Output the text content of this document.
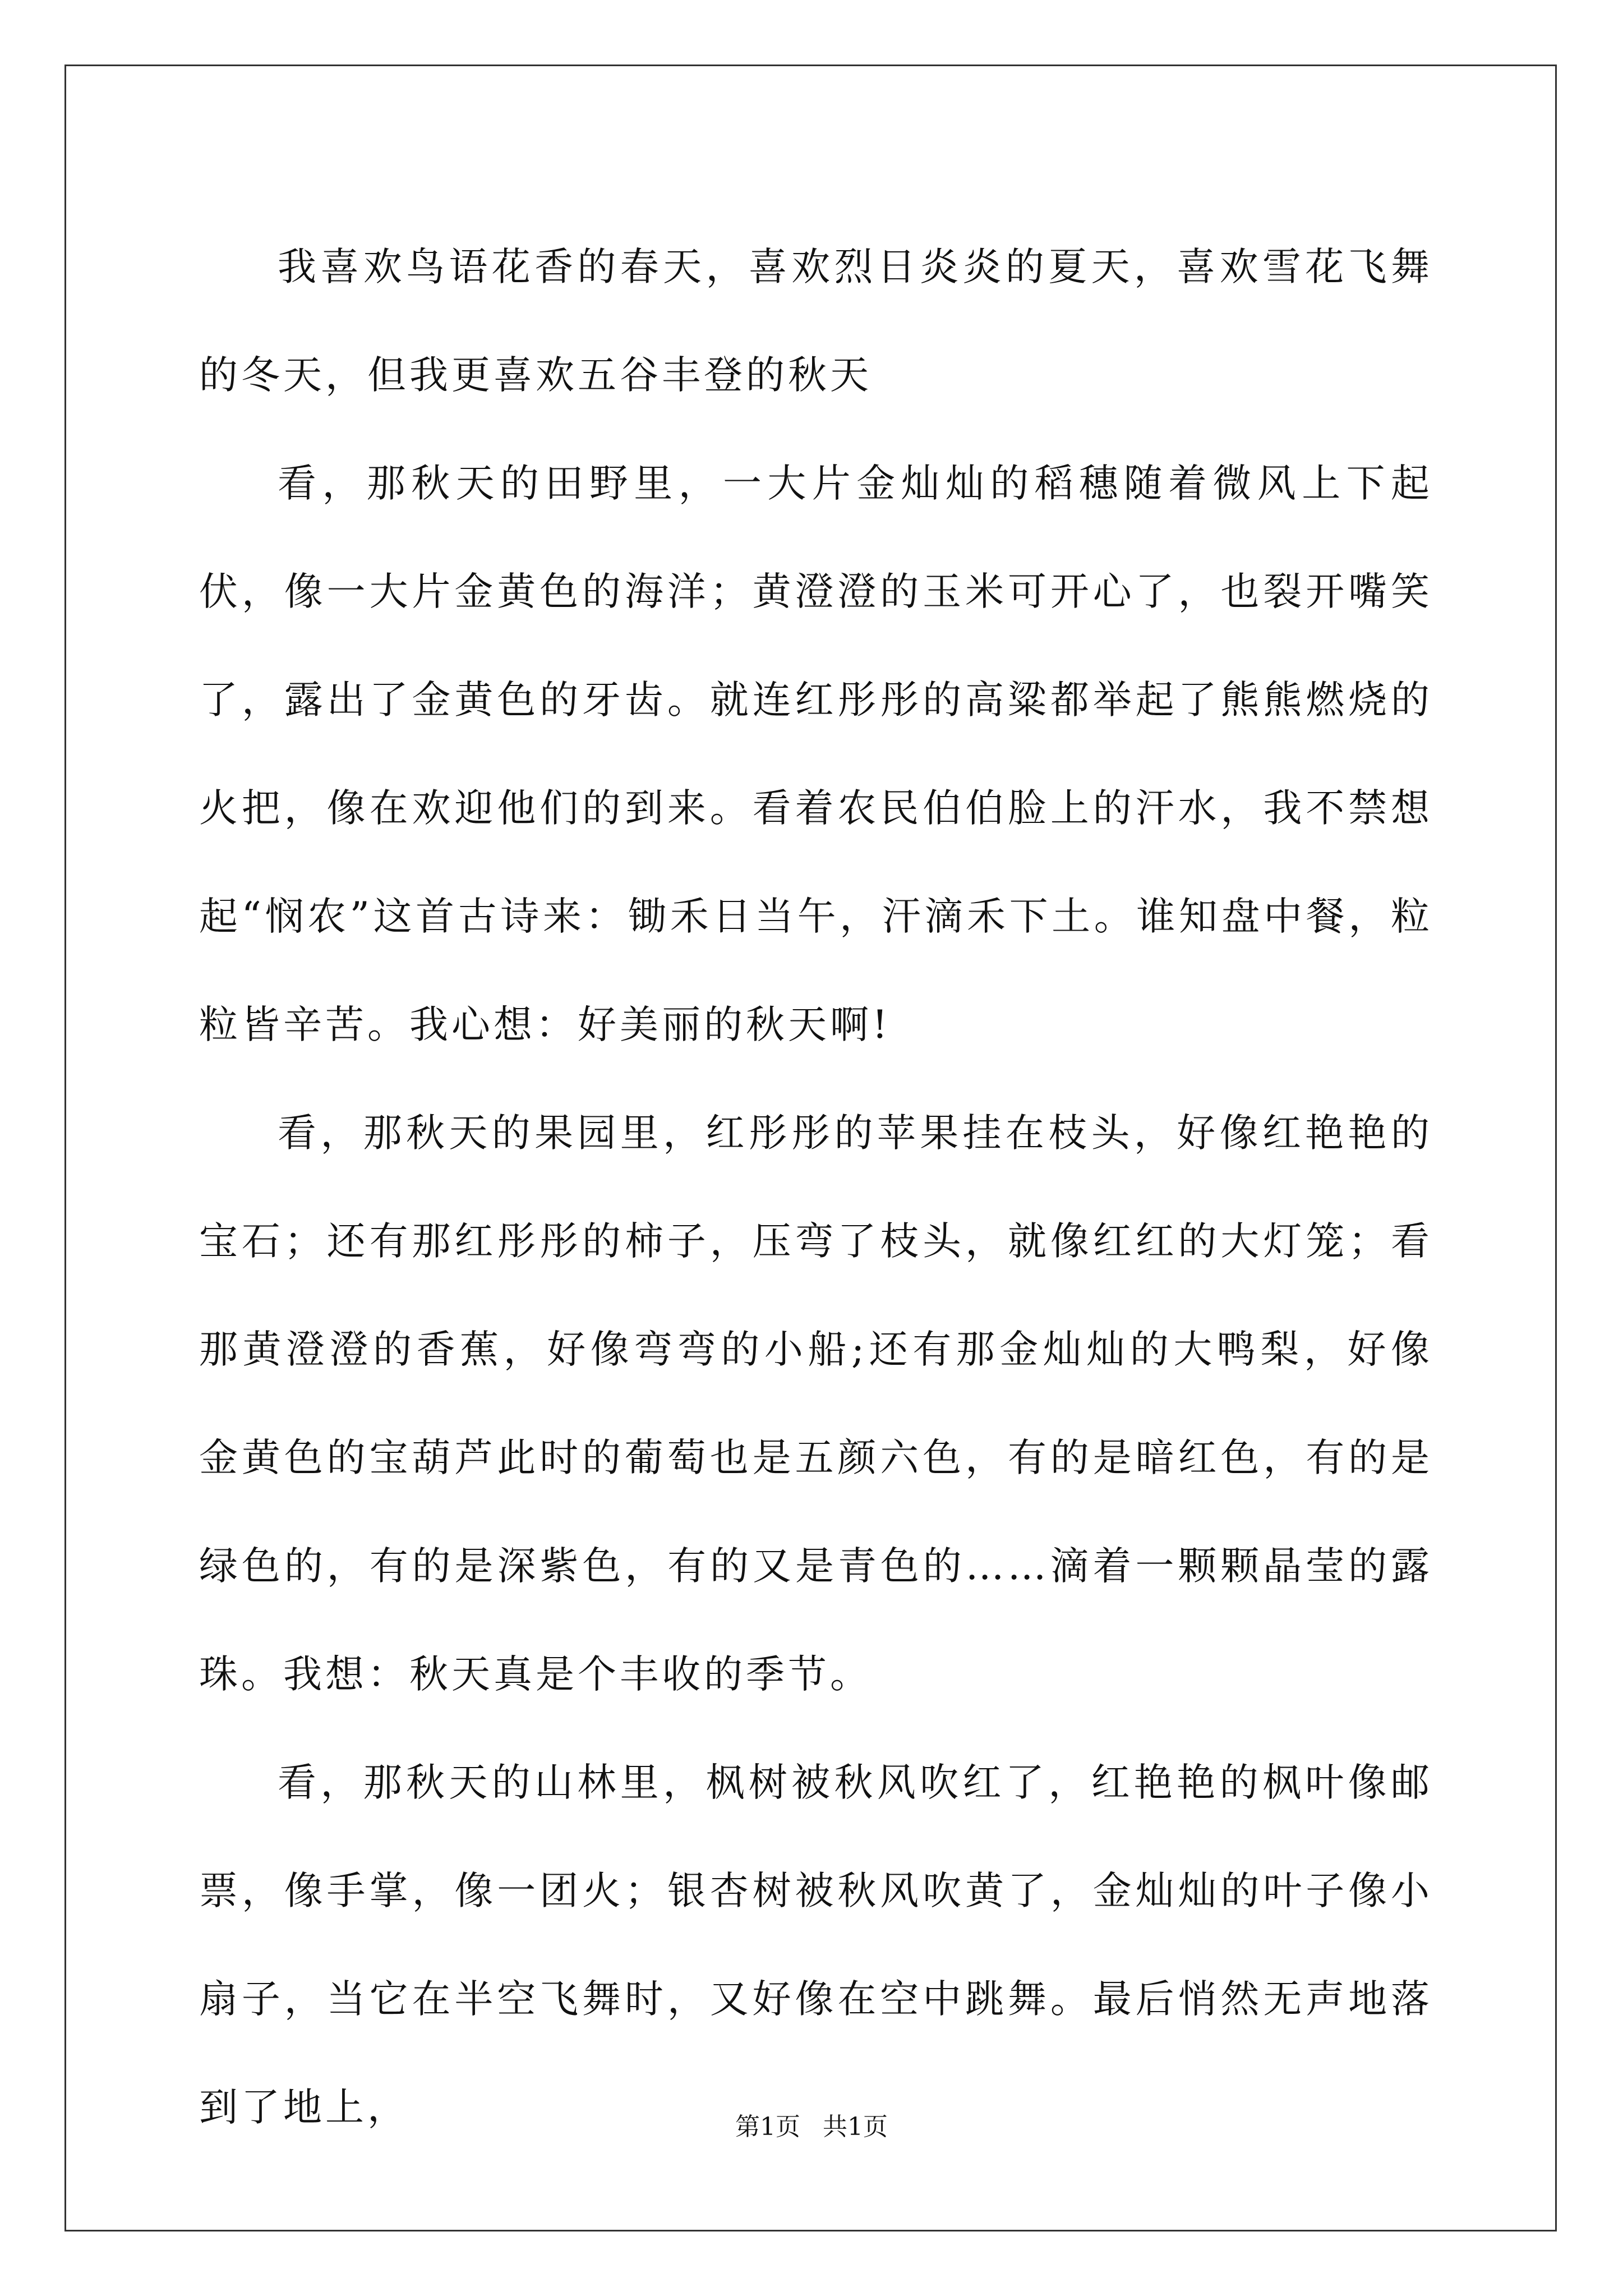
我喜欢鸟语花香的春天，喜欢烈日炎炎的夏天，喜欢雪花飞舞的冬天，但我更喜欢五谷丰登的秋天

看，那秋天的田野里，一大片金灿灿的稻穗随着微风上下起伏，像一大片金黄色的海洋；黄澄澄的玉米可开心了，也裂开嘴笑了，露出了金黄色的牙齿。就连红彤彤的高粱都举起了熊熊燃烧的火把，像在欢迎他们的到来。看着农民伯伯脸上的汗水，我不禁想起“悯农”这首古诗来：锄禾日当午，汗滴禾下土。谁知盘中餐，粒粒皆辛苦。我心想：好美丽的秋天啊!

看，那秋天的果园里，红彤彤的苹果挂在枝头，好像红艳艳的宝石；还有那红彤彤的柿子，压弯了枝头，就像红红的大灯笼；看那黄澄澄的香蕉，好像弯弯的小船;还有那金灿灿的大鸭梨，好像金黄色的宝葫芦此时的葡萄也是五颜六色，有的是暗红色，有的是绿色的，有的是深紫色，有的又是青色的……滴着一颗颗晶莹的露珠。我想：秋天真是个丰收的季节。

看，那秋天的山林里，枫树被秋风吹红了，红艳艳的枫叶像邮票，像手掌，像一团火；银杏树被秋风吹黄了，金灿灿的叶子像小扇子，当它在半空飞舞时，又好像在空中跳舞。最后悄然无声地落到了地上，	第1页 共1页
